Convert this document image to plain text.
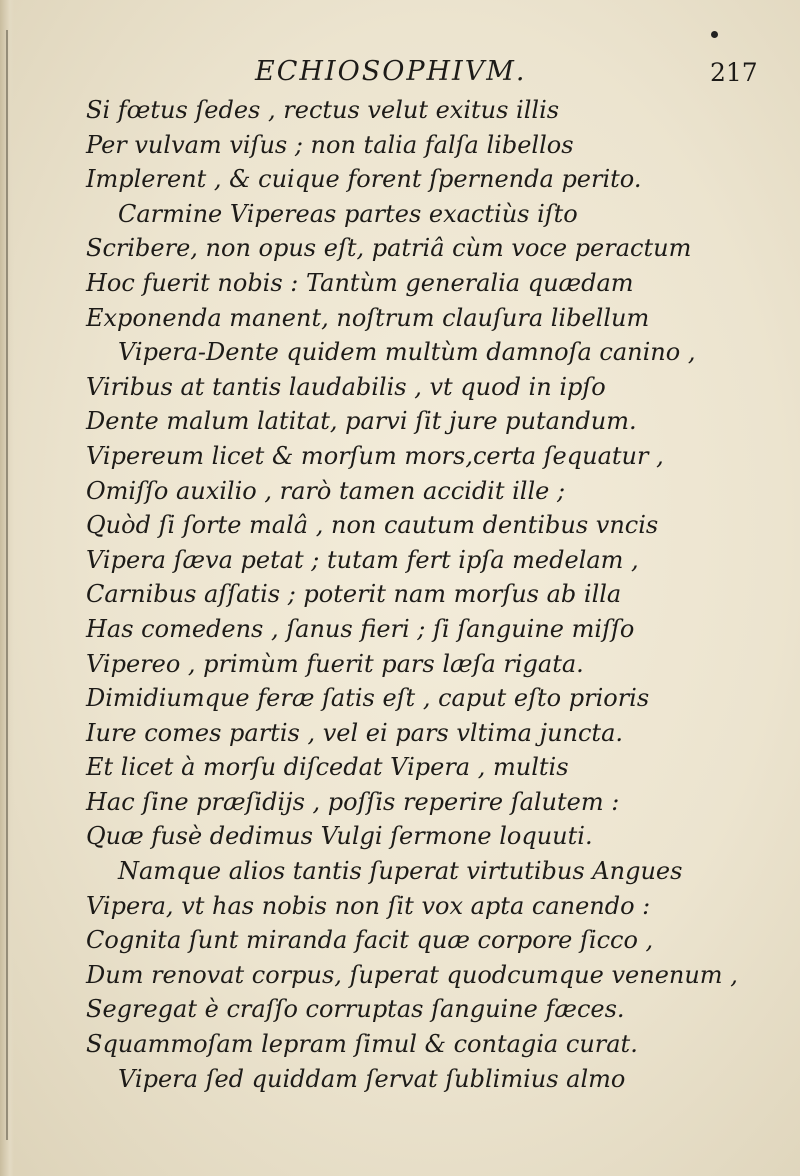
ECHIOSOPHIVM.	217
Si fœtus ſedes , rectus velut exitus illis
Per vulvam viſus ; non talia falſa libellos
Implerent , & cuique forent ſpernenda perito.
Carmine Vipereas partes exactiùs iſto
Scribere, non opus eſt, patriâ cùm voce peractum
Hoc fuerit nobis : Tantùm generalia quædam
Exponenda manent, noſtrum clauſura libellum
Vipera-Dente quidem multùm damnoſa canino ,
Viribus at tantis laudabilis , vt quod in ipſo
Dente malum latitat, parvi ſit jure putandum.
Vipereum licet & morſum mors,certa ſequatur ,
Omiſſo auxilio , rarò tamen accidit ille ;
Quòd ſi ſorte malâ , non cautum dentibus vncis
Vipera ſæva petat ; tutam fert ipſa medelam ,
Carnibus aſſatis ; poterit nam morſus ab illa
Has comedens , ſanus fieri ; ſi ſanguine miſſo
Vipereo , primùm fuerit pars læſa rigata.
Dimidiumque feræ ſatis eſt , caput eſto prioris
Iure comes partis , vel ei pars vltima juncta.
Et licet à morſu diſcedat Vipera , multis
Hac ſine præſidijs , poſſis reperire ſalutem :
Quæ fusè dedimus Vulgi ſermone loquuti.
Namque alios tantis ſuperat virtutibus Angues
Vipera, vt has nobis non ſit vox apta canendo :
Cognita ſunt miranda facit quæ corpore ſicco ,
Dum renovat corpus, ſuperat quodcumque venenum ,
Segregat è craſſo corruptas ſanguine fæces.
Squammoſam lepram ſimul & contagia curat.
Vipera ſed quiddam ſervat ſublimius almo
